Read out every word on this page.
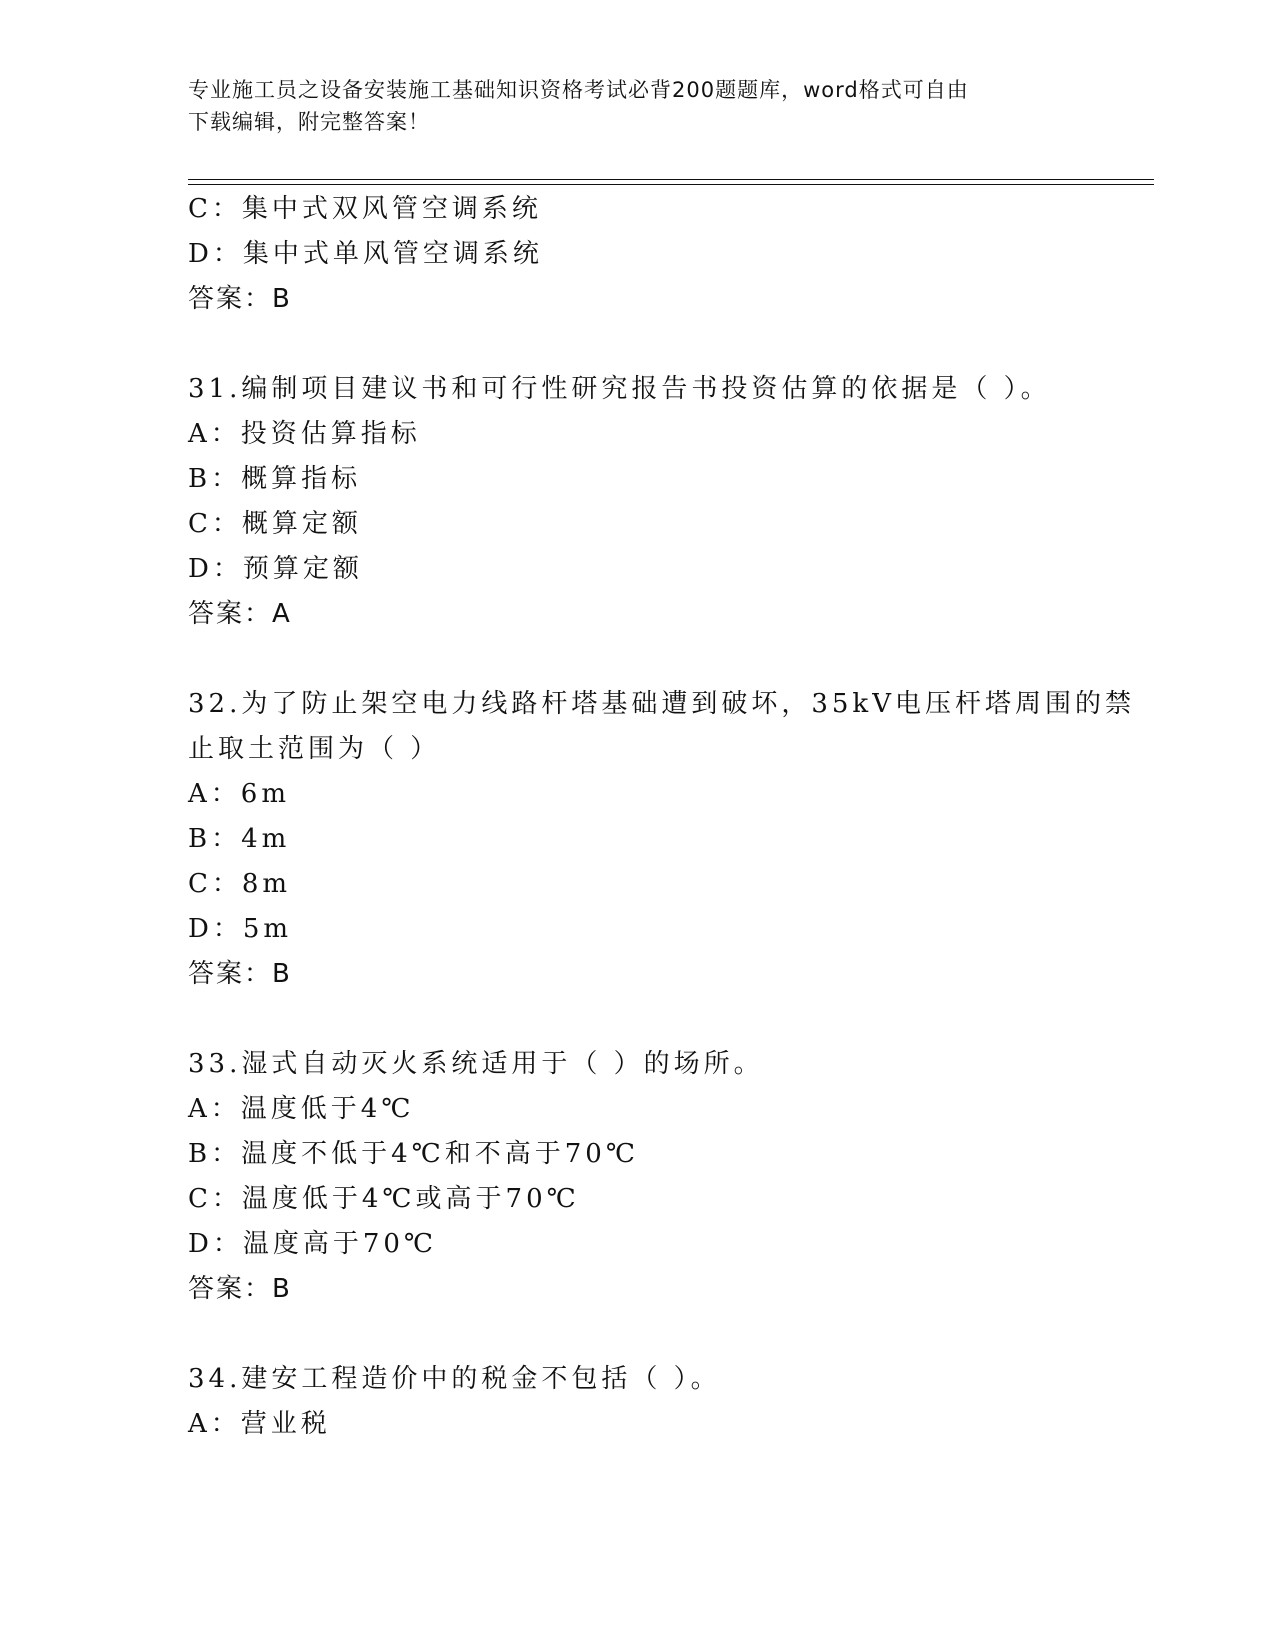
专业施工员之设备安装施工基础知识资格考试必背200题题库，word格式可自由
下载编辑，附完整答案！
C：集中式双风管空调系统
D：集中式单风管空调系统
答案：B
31.编制项目建议书和可行性研究报告书投资估算的依据是（ ）。
A：投资估算指标
B：概算指标
C：概算定额
D：预算定额
答案：A
32.为了防止架空电力线路杆塔基础遭到破坏，35kV电压杆塔周围的禁
止取土范围为（ ）
A：6m
B：4m
C：8m
D：5m
答案：B
33.湿式自动灭火系统适用于（ ）的场所。
A：温度低于4℃
B：温度不低于4℃和不高于70℃
C：温度低于4℃或高于70℃
D：温度高于70℃
答案：B
34.建安工程造价中的税金不包括（ ）。
A：营业税
